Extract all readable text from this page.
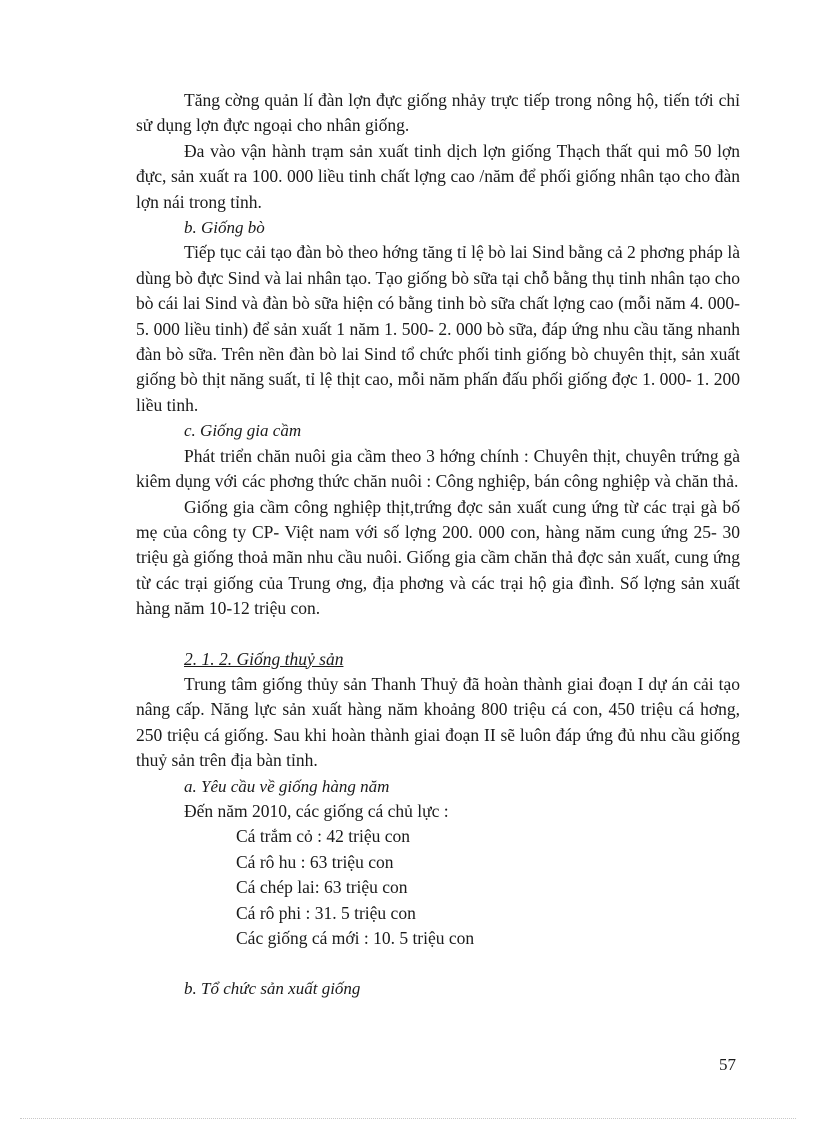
Tăng cờng quản lí đàn lợn đực giống nhảy trực tiếp trong nông hộ, tiến tới chỉ sử dụng lợn đực ngoại cho nhân giống.

Đa vào vận hành trạm sản xuất tinh dịch lợn giống Thạch thất qui mô 50 lợn đực, sản xuất ra 100. 000 liều tinh chất lợng cao /năm để phối giống nhân tạo cho đàn lợn nái trong tỉnh.

b. Giống bò

Tiếp tục cải tạo đàn bò theo hớng tăng tỉ lệ bò lai Sind bằng cả 2 phơng pháp là dùng bò đực Sind và lai nhân tạo. Tạo giống bò sữa tại chỗ bằng thụ tinh nhân tạo cho bò cái lai Sind và đàn bò sữa hiện có bằng tinh bò sữa chất lợng cao (mỗi năm 4. 000-5. 000 liều tinh) để sản xuất 1 năm 1. 500- 2. 000 bò sữa, đáp ứng nhu cầu tăng nhanh đàn bò sữa. Trên nền đàn bò lai Sind tổ chức phối tinh giống bò chuyên thịt, sản xuất giống bò thịt năng suất, tỉ lệ thịt cao, mỗi năm phấn đấu phối giống đợc 1. 000- 1. 200 liều tinh.

c. Giống gia cầm

Phát triển chăn nuôi gia cầm theo 3 hớng chính : Chuyên thịt, chuyên trứng gà kiêm dụng với các phơng thức chăn nuôi : Công nghiệp, bán công nghiệp và chăn thả.

Giống gia cầm công nghiệp thịt,trứng đợc sản xuất cung ứng từ các trại gà bố mẹ của công ty CP- Việt nam với số lợng 200. 000 con, hàng năm cung ứng 25- 30 triệu gà giống thoả mãn nhu cầu nuôi. Giống gia cầm chăn thả đợc sản xuất, cung ứng từ các trại giống của Trung ơng, địa phơng và các trại hộ gia đình. Số lợng sản xuất hàng năm 10-12 triệu con.

2. 1. 2. Giống thuỷ sản

Trung tâm giống thủy sản Thanh Thuỷ đã hoàn thành giai đoạn I dự án cải tạo nâng cấp. Năng lực sản xuất hàng năm khoảng 800 triệu cá con, 450 triệu cá hơng, 250 triệu cá giống. Sau khi hoàn thành giai đoạn II sẽ luôn đáp ứng đủ nhu cầu giống thuỷ sản trên địa bàn tỉnh.

a. Yêu cầu về giống hàng năm

Đến năm 2010, các giống cá chủ lực :

Cá trắm cỏ : 42 triệu con

Cá rô hu : 63 triệu con

Cá chép lai: 63 triệu con

Cá rô phi : 31. 5 triệu con

Các giống cá mới : 10. 5 triệu con

b. Tổ chức sản xuất giống

57
